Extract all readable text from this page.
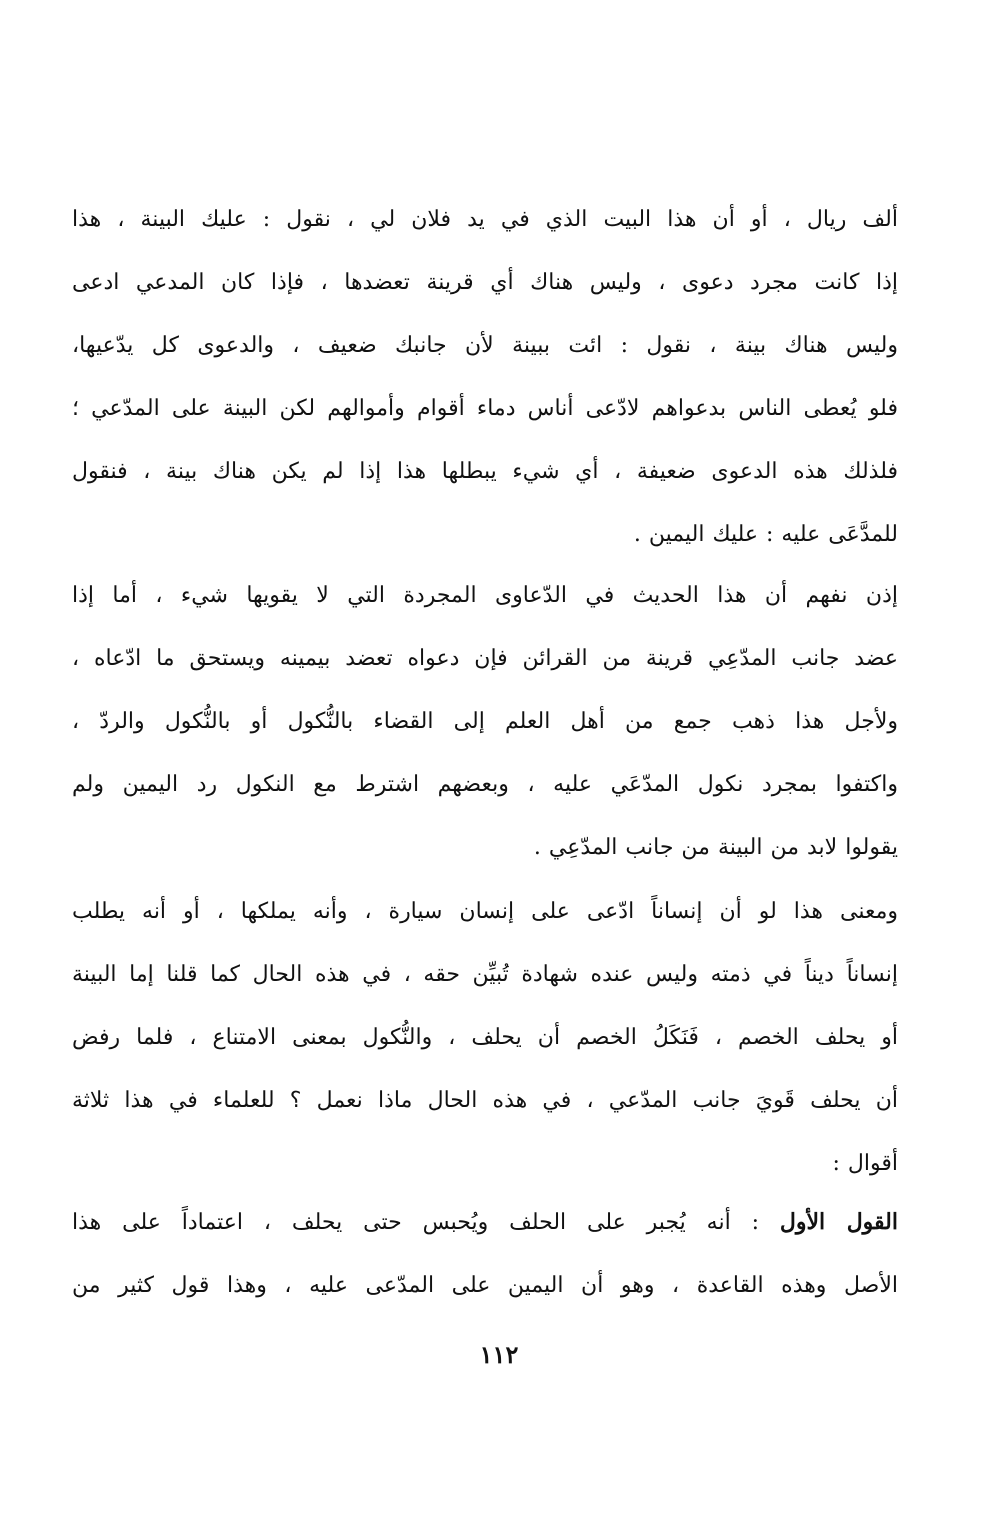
ألف ريال ، أو أن هذا البيت الذي في يد فلان لي ، نقول : عليك البينة ، هذا
إذا كانت مجرد دعوى ، وليس هناك أي قرينة تعضدها ، فإذا كان المدعي ادعى
وليس هناك بينة ، نقول : ائت ببينة لأن جانبك ضعيف ، والدعوى كل يدّعيها،
فلو يُعطى الناس بدعواهم لادّعى أناس دماء أقوام وأموالهم لكن البينة على المدّعي ؛
فلذلك هذه الدعوى ضعيفة ، أي شيء يبطلها هذا إذا لم يكن هناك بينة ، فنقول
للمدَّعَى عليه : عليك اليمين .
إذن نفهم أن هذا الحديث في الدّعاوى المجردة التي لا يقويها شيء ، أما إذا
عضد جانب المدّعِي قرينة من القرائن فإن دعواه تعضد بيمينه ويستحق ما ادّعاه ،
ولأجل هذا ذهب جمع من أهل العلم إلى القضاء بالنُّكول أو بالنُّكول والردّ ،
واكتفوا بمجرد نكول المدّعَي عليه ، وبعضهم اشترط مع النكول رد اليمين ولم
يقولوا لابد من البينة من جانب المدّعِي .
ومعنى هذا لو أن إنساناً ادّعى على إنسان سيارة ، وأنه يملكها ، أو أنه يطلب
إنساناً ديناً في ذمته وليس عنده شهادة تُبيِّن حقه ، في هذه الحال كما قلنا إما البينة
أو يحلف الخصم ، فَنَكَلُ الخصم أن يحلف ، والنُّكول بمعنى الامتناع ، فلما رفض
أن يحلف قَويَ جانب المدّعي ، في هذه الحال ماذا نعمل ؟ للعلماء في هذا ثلاثة
أقوال :
القول الأول : أنه يُجبر على الحلف ويُحبس حتى يحلف ، اعتماداً على هذا
الأصل وهذه القاعدة ، وهو أن اليمين على المدّعى عليه ، وهذا قول كثير من
١١٢
